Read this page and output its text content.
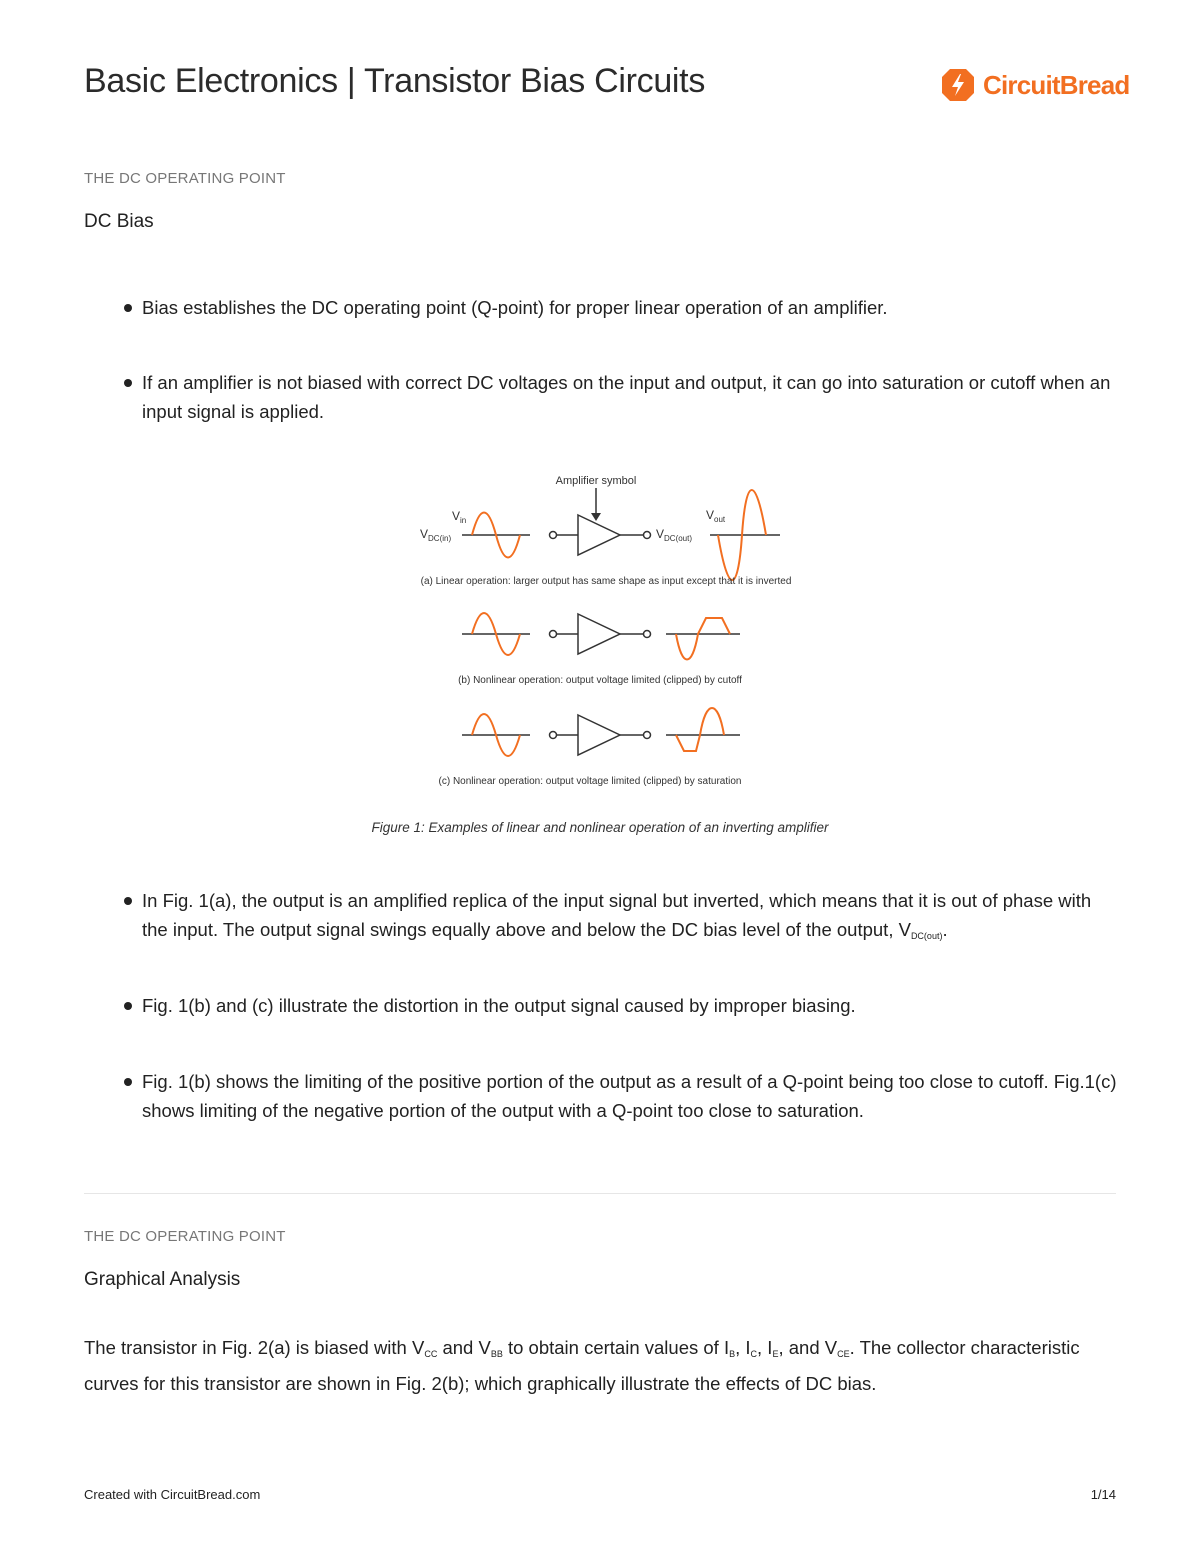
Basic Electronics | Transistor Bias Circuits	CircuitBread

THE DC OPERATING POINT

DC Bias
Bias establishes the DC operating point (Q-point) for proper linear operation of an amplifier.
If an amplifier is not biased with correct DC voltages on the input and output, it can go into saturation or cutoff when an input signal is applied.
Amplifier symbol
$V_{in}$
$V_{DC(in)}$	$V_{DC(out)}$
$V_{out}$
(a) Linear operation: larger output has same shape as input except that it is inverted
(b) Nonlinear operation: output voltage limited (clipped) by cutoff
(c) Nonlinear operation: output voltage limited (clipped) by saturation
Figure 1: Examples of linear and nonlinear operation of an inverting amplifier
In Fig. 1(a), the output is an amplified replica of the input signal but inverted, which means that it is out of phase with the input. The output signal swings equally above and below the DC bias level of the output, $V_{DC(out)}$.
Fig. 1(b) and (c) illustrate the distortion in the output signal caused by improper biasing.
Fig. 1(b) shows the limiting of the positive portion of the output as a result of a Q-point being too close to cutoff. Fig.1(c) shows limiting of the negative portion of the output with a Q-point too close to saturation.

THE DC OPERATING POINT

Graphical Analysis

The transistor in Fig. 2(a) is biased with $V_{CC}$ and $V_{BB}$ to obtain certain values of $I_B$, $I_C$, $I_E$, and $V_{CE}$. The collector characteristic curves for this transistor are shown in Fig. 2(b); which graphically illustrate the effects of DC bias.

Created with CircuitBread.com	1/14
